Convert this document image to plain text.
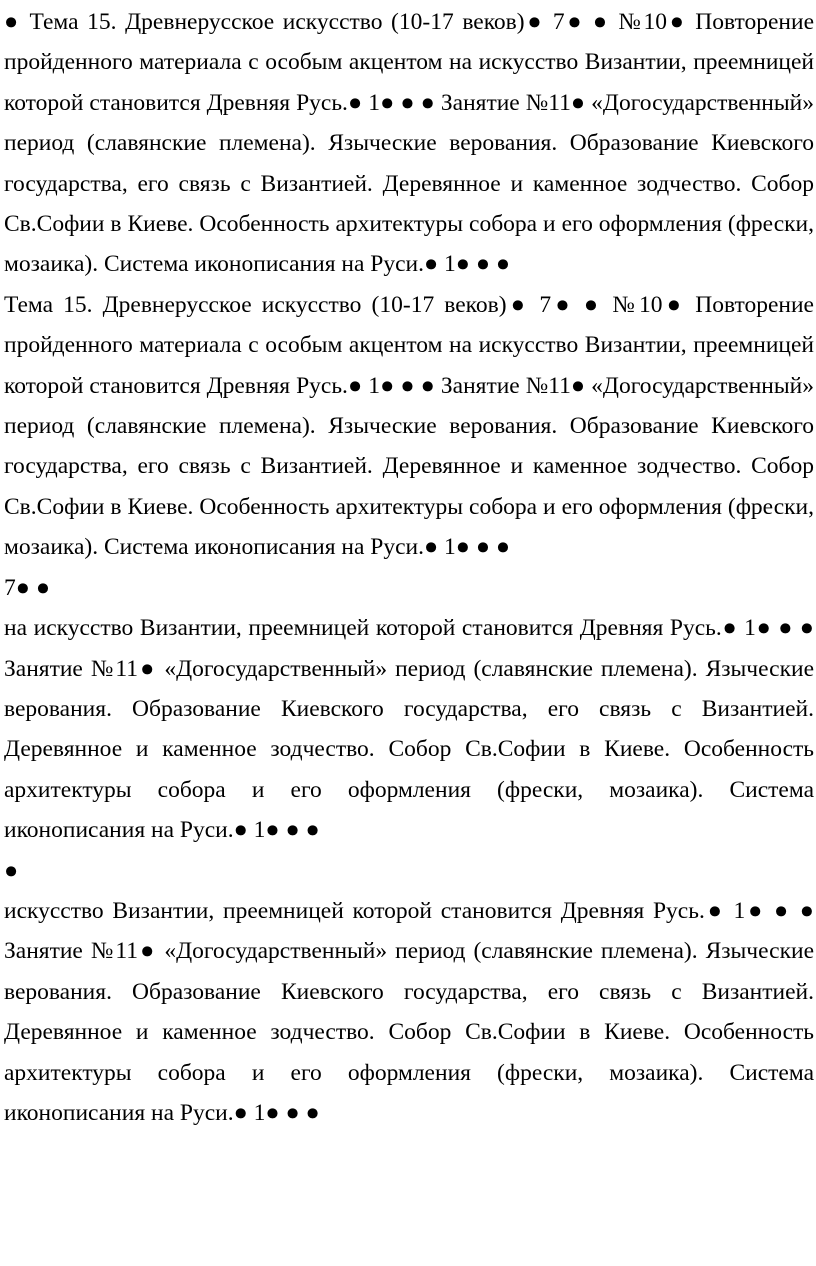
● Тема 15. Древнерусское искусство (10-17 веков)● 7● ● №10● Повторение пройденного материала с особым акцентом на искусство Византии, преемницей которой становится Древняя Русь.● 1● ● ● Занятие №11● «Догосударственный» период (славянские племена). Языческие верования. Образование Киевского государства, его связь с Византией. Деревянное и каменное зодчество. Собор Св.Софии в Киеве. Особенность архитектуры собора и его оформления (фрески, мозаика). Система иконописания на Руси.● 1● ● ●

Тема 15. Древнерусское искусство (10-17 веков)● 7● ● №10● Повторение пройденного материала с особым акцентом на искусство Византии, преемницей которой становится Древняя Русь.● 1● ● ● Занятие №11● «Догосударственный» период (славянские племена). Языческие верования. Образование Киевского государства, его связь с Византией. Деревянное и каменное зодчество. Собор Св.Софии в Киеве. Особенность архитектуры собора и его оформления (фрески, мозаика). Система иконописания на Руси.● 1● ● ●

7● ●

на искусство Византии, преемницей которой становится Древняя Русь.● 1● ● ● Занятие №11● «Догосударственный» период (славянские племена). Языческие верования. Образование Киевского государства, его связь с Византией. Деревянное и каменное зодчество. Собор Св.Софии в Киеве. Особенность архитектуры собора и его оформления (фрески, мозаика). Система иконописания на Руси.● 1● ● ●

●

искусство Византии, преемницей которой становится Древняя Русь.● 1● ● ● Занятие №11● «Догосударственный» период (славянские племена). Языческие верования. Образование Киевского государства, его связь с Византией. Деревянное и каменное зодчество. Собор Св.Софии в Киеве. Особенность архитектуры собора и его оформления (фрески, мозаика). Система иконописания на Руси.● 1● ● ●
